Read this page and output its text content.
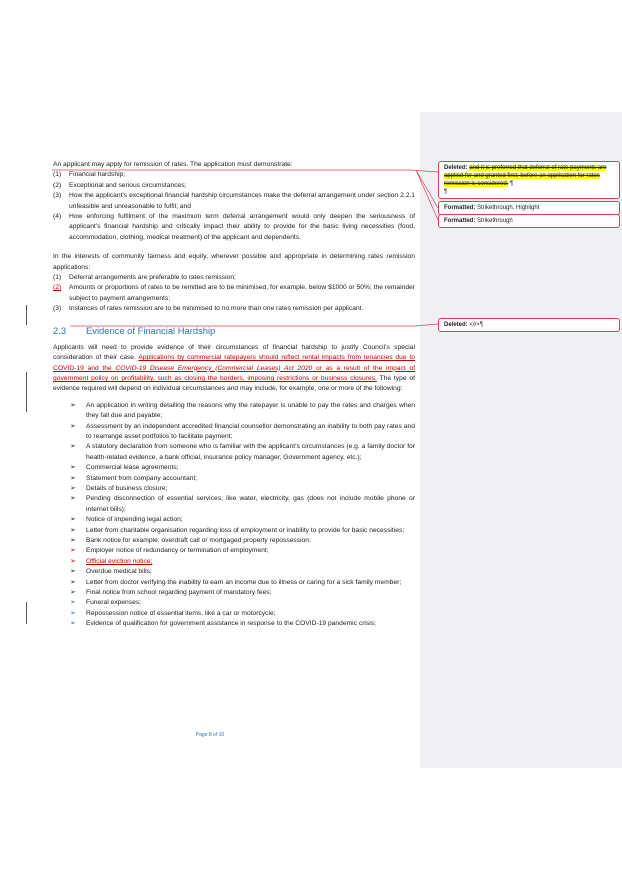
An applicant may apply for remission of rates. The application must demonstrate:

(1) Financial hardship;

(2) Exceptional and serious circumstances;

(3) How the applicant’s exceptional financial hardship circumstances make the deferral arrangement under section 2.2.1 unfeasible and unreasonable to fulfil; and

(4) How enforcing fulfilment of the maximum term deferral arrangement would only deepen the seriousness of applicant’s financial hardship and critically impact their ability to provide for the basic living necessities (food, accommodation, clothing, medical treatment) of the applicant and dependents.

In the interests of community fairness and equity, wherever possible and appropriate in determining rates remission applications:

(1) Deferral arrangements are preferable to rates remission;

(2) Amounts or proportions of rates to be remitted are to be minimised, for example, below $1000 or 50%; the remainder subject to payment arrangements;

(3) Instances of rates remission are to be minimised to no more than one rates remission per applicant.

2.3 Evidence of Financial Hardship

Applicants will need to provide evidence of their circumstances of financial hardship to justify Council’s special consideration of their case. Applications by commercial ratepayers should reflect rental impacts from tenancies due to COVID-19 and the COVID-19 Disease Emergency (Commercial Leases) Act 2020 or as a result of the impact of government policy on profitability, such as closing the borders, imposing restrictions or business closures. The type of evidence required will depend on individual circumstances and may include, for example, one or more of the following:

➢ An application in writing detailing the reasons why the ratepayer is unable to pay the rates and charges when they fall due and payable;
➢ Assessment by an independent accredited financial counsellor demonstrating an inability to both pay rates and to rearrange asset portfolios to facilitate payment;
➢ A statutory declaration from someone who is familiar with the applicant’s circumstances (e.g. a family doctor for health-related evidence, a bank official, insurance policy manager, Government agency, etc.);
➢ Commercial lease agreements;
➢ Statement from company accountant;
➢ Details of business closure;
➢ Pending disconnection of essential services, like water, electricity, gas (does not include mobile phone or internet bills);
➢ Notice of impending legal action;
➢ Letter from charitable organisation regarding loss of employment or inability to provide for basic necessities;
➢ Bank notice for example, overdraft call or mortgaged property repossession;
➢ Employer notice of redundancy or termination of employment;
➢ Official eviction notice;
➢ Overdue medical bills;
➢ Letter from doctor verifying the inability to earn an income due to illness or caring for a sick family member;
➢ Final notice from school regarding payment of mandatory fees;
➢ Funeral expenses;
➢ Repossession notice of essential items, like a car or motorcycle;
➢ Evidence of qualification for government assistance in response to the COVID-19 pandemic crisis;
Page 8 of 10
Deleted: and it is preferred that deferral of rate payments are applied for and granted first, before an application for rates remission is considered. ¶
¶
Formatted: Strikethrough, Highlight
Formatted: Strikethrough
Deleted: <#>¶
